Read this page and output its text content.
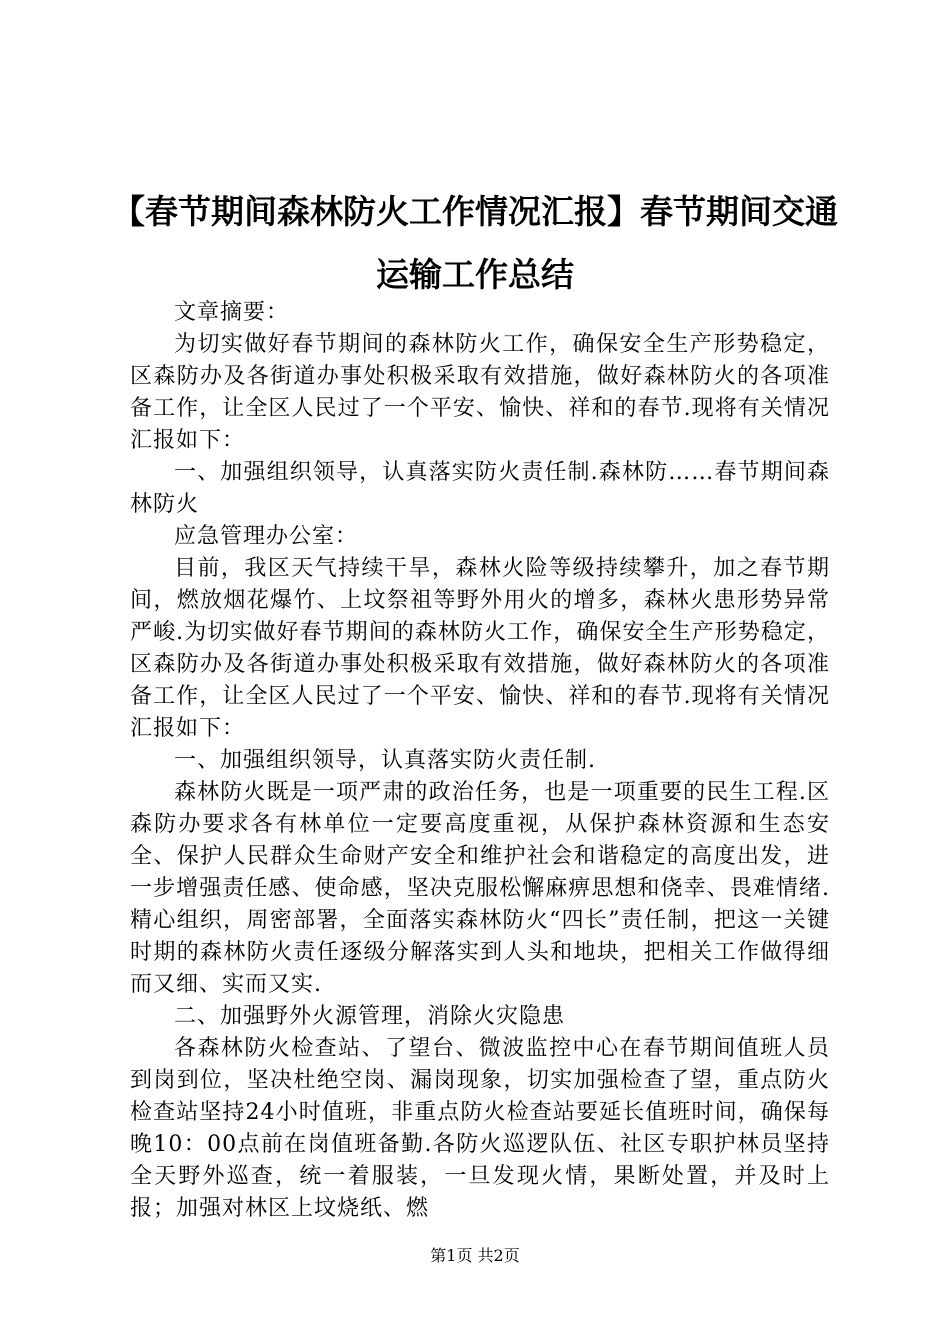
【春节期间森林防火工作情况汇报】春节期间交通运输工作总结

文章摘要：

为切实做好春节期间的森林防火工作，确保安全生产形势稳定，区森防办及各街道办事处积极采取有效措施，做好森林防火的各项准备工作，让全区人民过了一个平安、愉快、祥和的春节.现将有关情况汇报如下：

一、加强组织领导，认真落实防火责任制.森林防……春节期间森林防火

应急管理办公室：

目前，我区天气持续干旱，森林火险等级持续攀升，加之春节期间，燃放烟花爆竹、上坟祭祖等野外用火的增多，森林火患形势异常严峻.为切实做好春节期间的森林防火工作，确保安全生产形势稳定，区森防办及各街道办事处积极采取有效措施，做好森林防火的各项准备工作，让全区人民过了一个平安、愉快、祥和的春节.现将有关情况汇报如下：

一、加强组织领导，认真落实防火责任制.

森林防火既是一项严肃的政治任务，也是一项重要的民生工程.区森防办要求各有林单位一定要高度重视，从保护森林资源和生态安全、保护人民群众生命财产安全和维护社会和谐稳定的高度出发，进一步增强责任感、使命感，坚决克服松懈麻痹思想和侥幸、畏难情绪.精心组织，周密部署，全面落实森林防火“四长”责任制，把这一关键时期的森林防火责任逐级分解落实到人头和地块，把相关工作做得细而又细、实而又实.

二、加强野外火源管理，消除火灾隐患

各森林防火检查站、了望台、微波监控中心在春节期间值班人员到岗到位，坚决杜绝空岗、漏岗现象，切实加强检查了望，重点防火检查站坚持24小时值班，非重点防火检查站要延长值班时间，确保每晚10：00点前在岗值班备勤.各防火巡逻队伍、社区专职护林员坚持全天野外巡查，统一着服装，一旦发现火情，果断处置，并及时上报；加强对林区上坟烧纸、燃

第1页 共2页
